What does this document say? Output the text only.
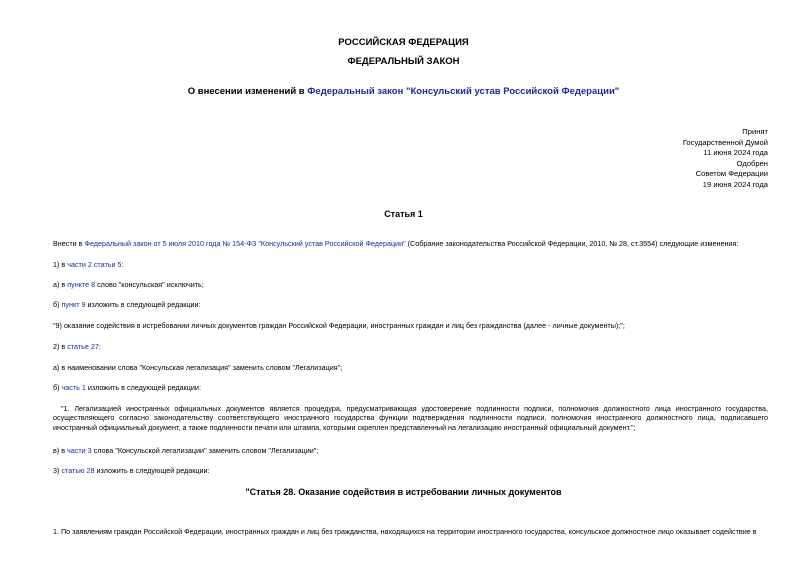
РОССИЙСКАЯ ФЕДЕРАЦИЯ
ФЕДЕРАЛЬНЫЙ ЗАКОН
О внесении изменений в Федеральный закон "Консульский устав Российской Федерации"
Принят
Государственной Думой
11 июня 2024 года
Одобрен
Советом Федерации
19 июня 2024 года
Статья 1
Внести в Федеральный закон от 5 июля 2010 года № 154-ФЗ "Консульский устав Российской Федерации" (Собрание законодательства Российской Федерации, 2010, № 28, ст.3554) следующие изменения:
1) в части 2 статьи 5:
а) в пункте 8 слово "консульская" исключить;
б) пункт 9 изложить в следующей редакции:
"9) оказание содействия в истребовании личных документов граждан Российской Федерации, иностранных граждан и лиц без гражданства (далее - личные документы);";
2) в статье 27:
а) в наименовании слова "Консульская легализация" заменить словом "Легализация";
б) часть 1 изложить в следующей редакции:
"1. Легализацией иностранных официальных документов является процедура, предусматривающая удостоверение подлинности подписи, полномочия должностного лица иностранного государства, осуществляющего согласно законодательству соответствующего иностранного государства функции подтверждения подлинности подписи, полномочия иностранного должностного лица, подписавшего иностранный официальный документ, а также подлинности печати или штампа, которыми скреплен представленный на легализацию иностранный официальный документ.";
в) в части 3 слова "Консульской легализации" заменить словом "Легализации";
3) статью 28 изложить в следующей редакции:
"Статья 28. Оказание содействия в истребовании личных документов
1. По заявлениям граждан Российской Федерации, иностранных граждан и лиц без гражданства, находящихся на территории иностранного государства, консульское должностное лицо оказывает содействие в
